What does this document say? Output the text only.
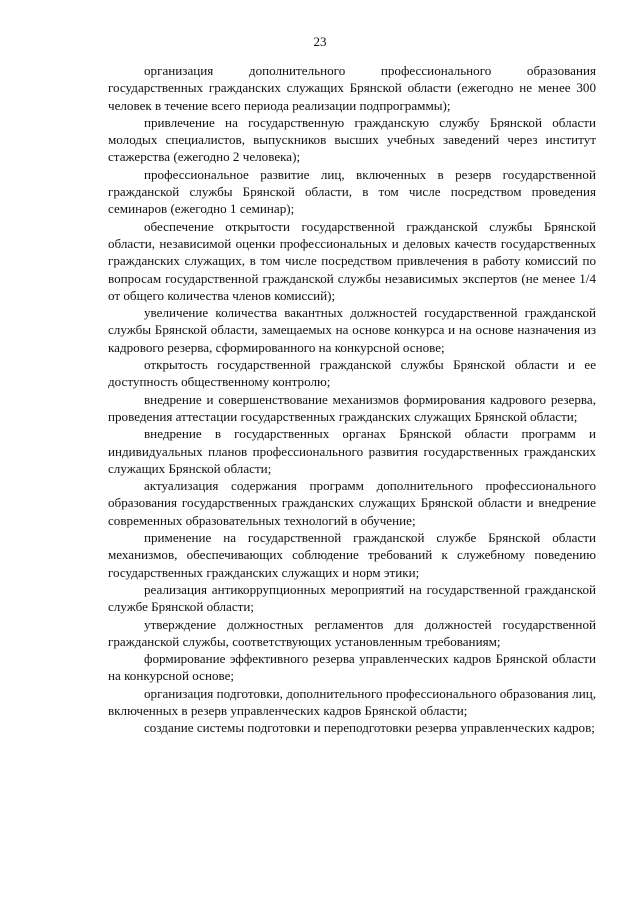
23

организация дополнительного профессионального образования государственных гражданских служащих Брянской области (ежегодно не менее 300 человек в течение всего периода реализации подпрограммы);

привлечение на государственную гражданскую службу Брянской области молодых специалистов, выпускников высших учебных заведений через институт стажерства (ежегодно 2 человека);

профессиональное развитие лиц, включенных в резерв государственной гражданской службы Брянской области, в том числе посредством проведения семинаров (ежегодно 1 семинар);

обеспечение открытости государственной гражданской службы Брянской области, независимой оценки профессиональных и деловых качеств государственных гражданских служащих, в том числе посредством привлечения в работу комиссий по вопросам государственной гражданской службы независимых экспертов (не менее 1/4 от общего количества членов комиссий);

увеличение количества вакантных должностей государственной гражданской службы Брянской области, замещаемых на основе конкурса и на основе назначения из кадрового резерва, сформированного на конкурсной основе;

открытость государственной гражданской службы Брянской области и ее доступность общественному контролю;

внедрение и совершенствование механизмов формирования кадрового резерва, проведения аттестации государственных гражданских служащих Брянской области;

внедрение в государственных органах Брянской области программ и индивидуальных планов профессионального развития государственных гражданских служащих Брянской области;

актуализация содержания программ дополнительного профессионального образования государственных гражданских служащих Брянской области и внедрение современных образовательных технологий в обучение;

применение на государственной гражданской службе Брянской области механизмов, обеспечивающих соблюдение требований к служебному поведению государственных гражданских служащих и норм этики;

реализация антикоррупционных мероприятий на государственной гражданской службе Брянской области;

утверждение должностных регламентов для должностей государственной гражданской службы, соответствующих установленным требованиям;

формирование эффективного резерва управленческих кадров Брянской области на конкурсной основе;

организация подготовки, дополнительного профессионального образования лиц, включенных в резерв управленческих кадров Брянской области;

создание системы подготовки и переподготовки резерва управленческих кадров;
